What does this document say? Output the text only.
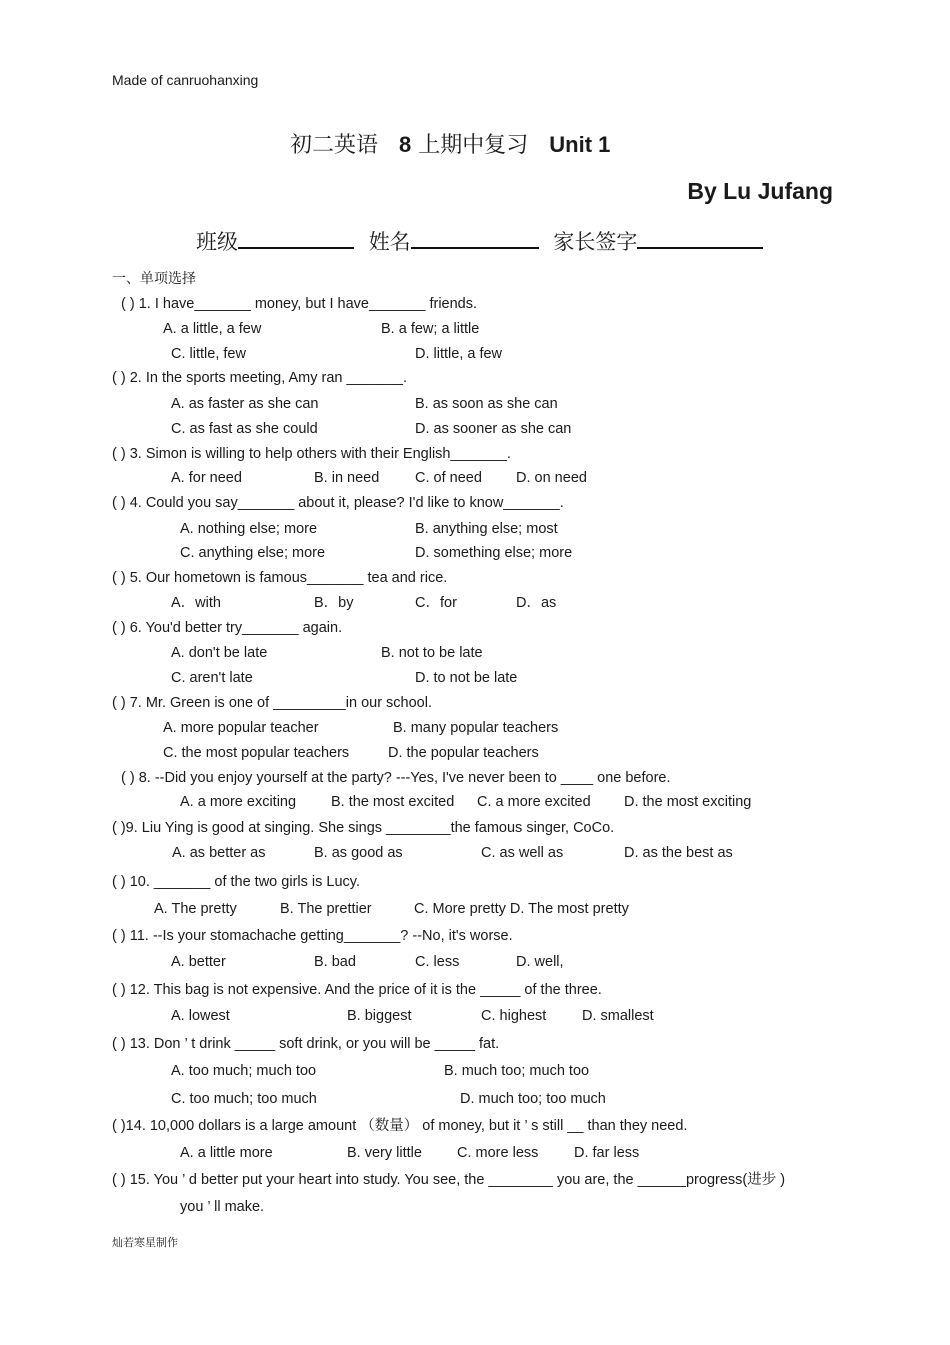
Made of canruohanxing
初二英语 8 上期中复习 Unit 1
By Lu Jufang
班级	姓名	家长签字
一、单项选择
( ) 1. I have_______ money, but I have_______ friends.
A. a little, a few	B. a few; a little
C. little, few	D. little, a few
( ) 2. In the sports meeting, Amy ran _______.
A. as faster as she can	B. as soon as she can
C. as fast as she could	D. as sooner as she can
( ) 3. Simon is willing to help others with their English_______.
A. for need	B. in need C. of need D. on need
( ) 4. Could you say_______ about it, please? I'd like to know_______.
A. nothing else; more	B. anything else; most
C. anything else; more	D. something else; more
( ) 5. Our hometown is famous_______ tea and rice.
A．with	B．by	C．for	D．as
( ) 6. You'd better try_______ again.
A. don't be late	B. not to be late
C. aren't late	D. to not be late
( ) 7. Mr. Green is one of _________in our school.
A. more popular teacher	B. many popular teachers
C. the most popular teachers	D. the popular teachers
( ) 8. --Did you enjoy yourself at the party? ---Yes, I've never been to ____ one before.
A. a more exciting B. the most excited C. a more excited D. the most exciting
( )9. Liu Ying is good at singing. She sings ________the famous singer, CoCo.
A. as better as	B. as good as	C. as well as	D. as the best as
( ) 10. _______ of the two girls is Lucy.
A. The pretty	B. The prettier	C. More pretty D. The most pretty
( ) 11. --Is your stomachache getting_______? --No, it's worse.
A. better	B. bad	C. less	D. well,
( ) 12. This bag is not expensive. And the price of it is the _____ of the three.
A. lowest	B. biggest	C. highest D. smallest
( ) 13. Don ’ t drink _____ soft drink, or you will be _____ fat.
A. too much; much too	B. much too; much too
C. too much; too much	D. much too; too much
( )14. 10,000 dollars is a large amount （数量） of money, but it ’ s still __ than they need.
A. a little more	B. very little C. more less D. far less
( ) 15. You ’ d better put your heart into study. You see, the ________ you are, the ______progress(进步 )
you ’ ll make.
灿若寒星制作
